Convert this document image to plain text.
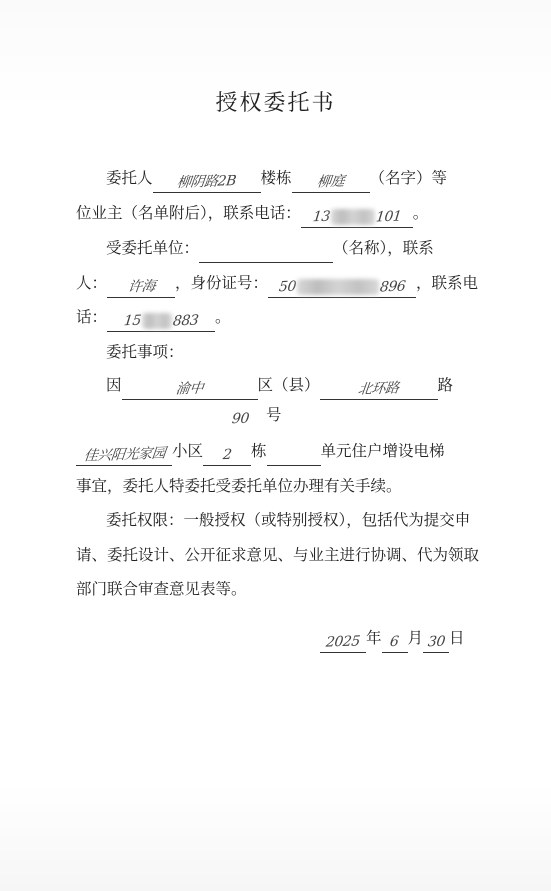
授权委托书
委托人 柳阴路2B 楼栋 柳庭 （名字）等
位业主（名单附后），联系电话： 13	101 。
受委托单位：	（名称），联系
人： 许海 ，身份证号： 50	896 ，联系电
话： 15 883 。
委托事项：
因	渝中	区（县）	北环路 路
90 号
佳兴阳光家园 小区 2 栋	单元住户增设电梯
事宜，委托人特委托受委托单位办理有关手续。
委托权限：一般授权（或特别授权），包括代为提交申
请、委托设计、公开征求意见、与业主进行协调、代为领取
部门联合审查意见表等。
2025 年 6 月 30 日
